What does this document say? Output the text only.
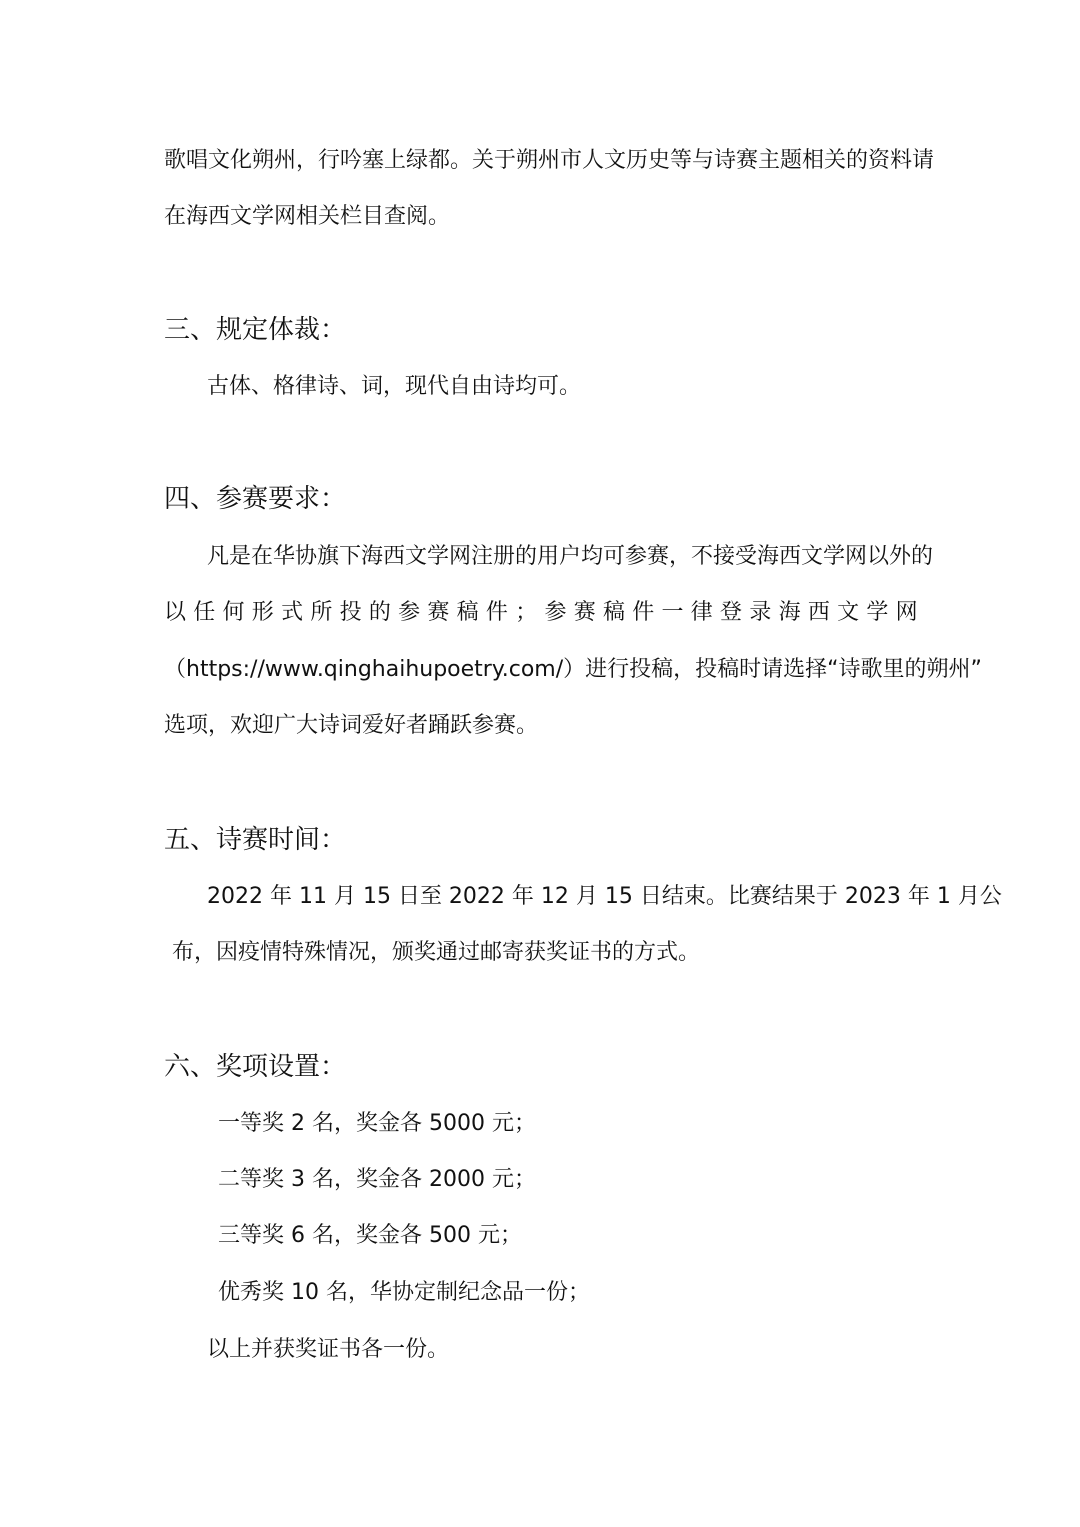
歌唱文化朔州，行吟塞上绿都。关于朔州市人文历史等与诗赛主题相关的资料请
在海西文学网相关栏目查阅。
三、规定体裁：
古体、格律诗、词，现代自由诗均可。
四、参赛要求：
凡是在华协旗下海西文学网注册的用户均可参赛，不接受海西文学网以外的
以 任 何 形 式 所 投 的 参 赛 稿 件 ； 参 赛 稿 件 一 律 登 录 海 西 文 学 网
（https://www.qinghaihupoetry.com/）进行投稿，投稿时请选择“诗歌里的朔州”
选项，欢迎广大诗词爱好者踊跃参赛。
五、诗赛时间：
2022 年 11 月 15 日至 2022 年 12 月 15 日结束。比赛结果于 2023 年 1 月公
布，因疫情特殊情况，颁奖通过邮寄获奖证书的方式。
六、奖项设置：
一等奖 2 名，奖金各 5000 元；
二等奖 3 名，奖金各 2000 元；
三等奖 6 名，奖金各 500 元；
优秀奖 10 名，华协定制纪念品一份；
以上并获奖证书各一份。
